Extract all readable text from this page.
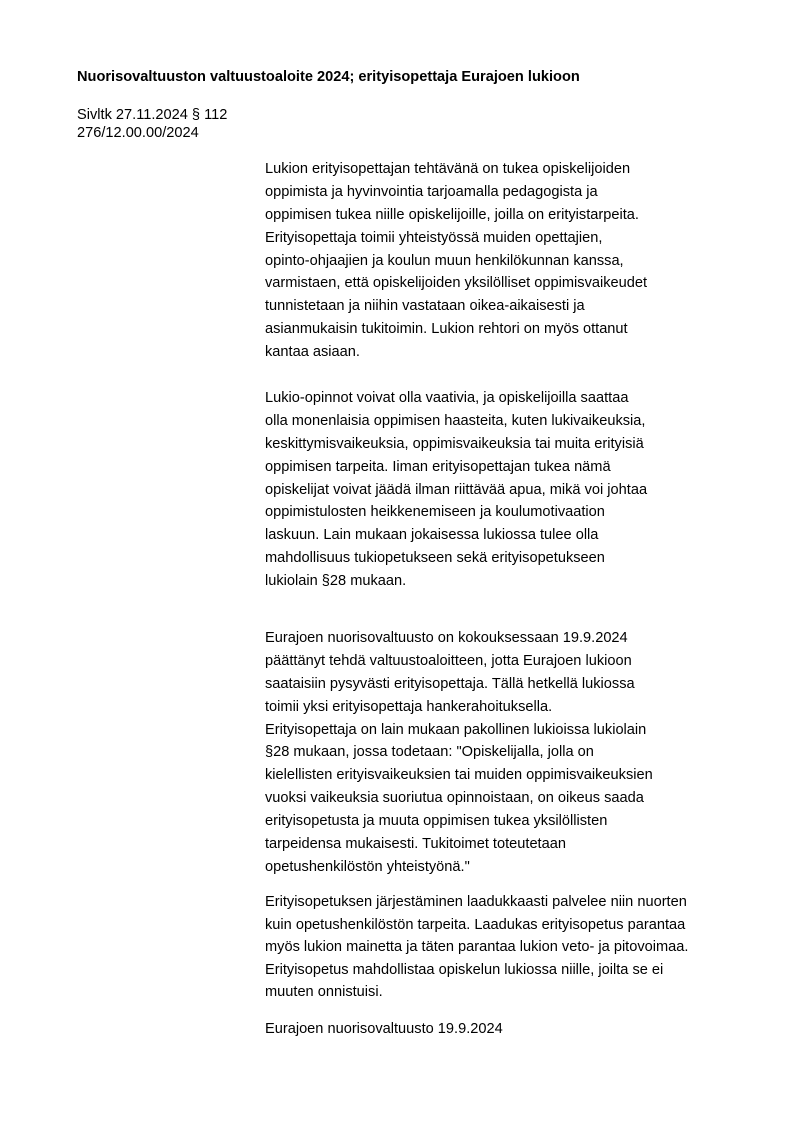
Nuorisovaltuuston valtuustoaloite 2024; erityisopettaja Eurajoen lukioon
Sivltk 27.11.2024 § 112
276/12.00.00/2024
Lukion erityisopettajan tehtävänä on tukea opiskelijoiden
oppimista ja hyvinvointia tarjoamalla pedagogista ja
oppimisen tukea niille opiskelijoille, joilla on erityistarpeita.
Erityisopettaja toimii yhteistyössä muiden opettajien,
opinto-ohjaajien ja koulun muun henkilökunnan kanssa,
varmistaen, että opiskelijoiden yksilölliset oppimisvaikeudet
tunnistetaan ja niihin vastataan oikea-aikaisesti ja
asianmukaisin tukitoimin. Lukion rehtori on myös ottanut
kantaa asiaan.
Lukio-opinnot voivat olla vaativia, ja opiskelijoilla saattaa
olla monenlaisia oppimisen haasteita, kuten lukivaikeuksia,
keskittymisvaikeuksia, oppimisvaikeuksia tai muita erityisiä
oppimisen tarpeita. Iiman erityisopettajan tukea nämä
opiskelijat voivat jäädä ilman riittävää apua, mikä voi johtaa
oppimistulosten heikkenemiseen ja koulumotivaation
laskuun. Lain mukaan jokaisessa lukiossa tulee olla
mahdollisuus tukiopetukseen sekä erityisopetukseen
lukiolain §28 mukaan.
Eurajoen nuorisovaltuusto on kokouksessaan 19.9.2024
päättänyt tehdä valtuustoaloitteen, jotta Eurajoen lukioon
saataisiin pysyvästi erityisopettaja. Tällä hetkellä lukiossa
toimii yksi erityisopettaja hankerahoituksella.
Erityisopettaja on lain mukaan pakollinen lukioissa lukiolain
§28 mukaan, jossa todetaan: "Opiskelijalla, jolla on
kielellisten erityisvaikeuksien tai muiden oppimisvaikeuksien
vuoksi vaikeuksia suoriutua opinnoistaan, on oikeus saada
erityisopetusta ja muuta oppimisen tukea yksilöllisten
tarpeidensa mukaisesti. Tukitoimet toteutetaan
opetushenkilöstön yhteistyönä."
Erityisopetuksen järjestäminen laadukkaasti palvelee niin nuorten
kuin opetushenkilöstön tarpeita. Laadukas erityisopetus parantaa
myös lukion mainetta ja täten parantaa lukion veto- ja pitovoimaa.
Erityisopetus mahdollistaa opiskelun lukiossa niille, joilta se ei
muuten onnistuisi.
Eurajoen nuorisovaltuusto 19.9.2024
